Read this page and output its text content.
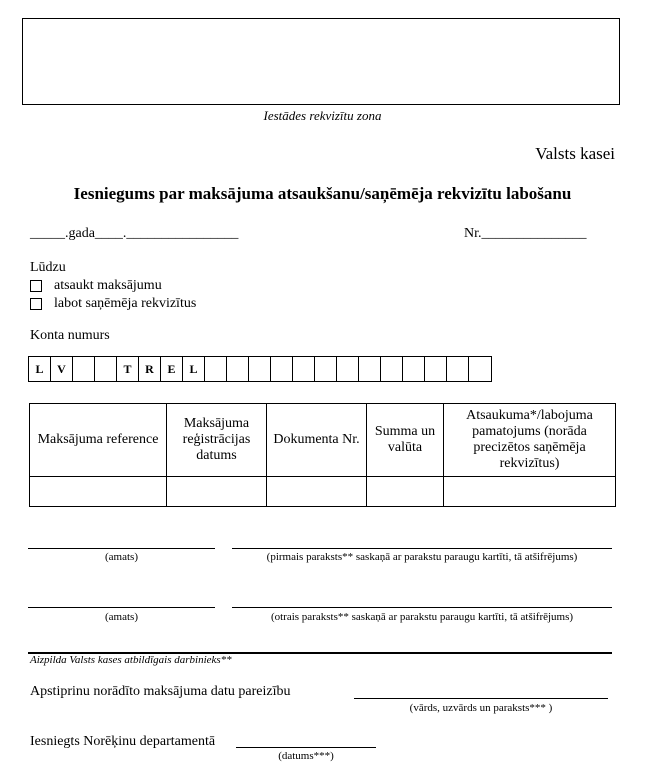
Iestādes rekvizītu zona
Valsts kasei
Iesniegums par maksājuma atsaukšanu/saņēmēja rekvizītu labošanu
_____.gada____.________________	Nr._______________
Lūdzu
atsaukt maksājumu
labot saņēmēja rekvizītus
Konta numurs
L	V	T	R	E	L
Maksājuma reference	Maksājuma reģistrācijas datums	Dokumenta Nr.	Summa un valūta	Atsaukuma*/labojuma pamatojums (norāda precizētos saņēmēja rekvizītus)

(amats)	(pirmais paraksts** saskaņā ar parakstu paraugu kartīti, tā atšifrējums)
(amats)	(otrais paraksts** saskaņā ar parakstu paraugu kartīti, tā atšifrējums)
Aizpilda Valsts kases atbildīgais darbinieks**
Apstiprinu norādīto maksājuma datu pareizību
(vārds, uzvārds un paraksts*** )
Iesniegts Norēķinu departamentā
(datums***)
